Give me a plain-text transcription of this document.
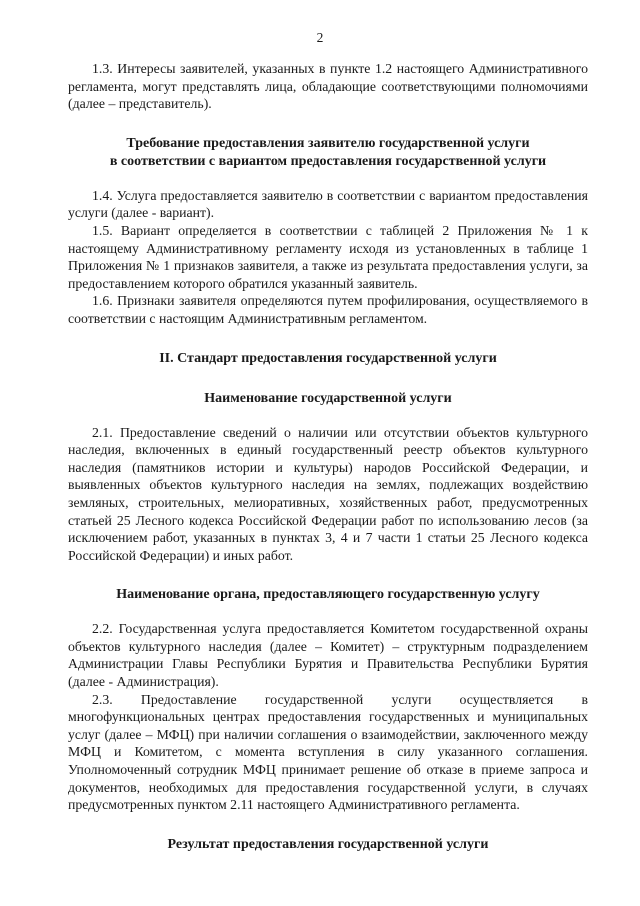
2

1.3. Интересы заявителей, указанных в пункте 1.2 настоящего Административного регламента, могут представлять лица, обладающие соответствующими полномочиями (далее – представитель).

Требование предоставления заявителю государственной услуги
в соответствии с вариантом предоставления государственной услуги

1.4. Услуга предоставляется заявителю в соответствии с вариантом предоставления услуги (далее - вариант).

1.5. Вариант определяется в соответствии с таблицей 2 Приложения № 1 к настоящему Административному регламенту исходя из установленных в таблице 1 Приложения № 1 признаков заявителя, а также из результата предоставления услуги, за предоставлением которого обратился указанный заявитель.

1.6. Признаки заявителя определяются путем профилирования, осуществляемого в соответствии с настоящим Административным регламентом.

II. Стандарт предоставления государственной услуги
Наименование государственной услуги

2.1. Предоставление сведений о наличии или отсутствии объектов культурного наследия, включенных в единый государственный реестр объектов культурного наследия (памятников истории и культуры) народов Российской Федерации, и выявленных объектов культурного наследия на землях, подлежащих воздействию земляных, строительных, мелиоративных, хозяйственных работ, предусмотренных статьей 25 Лесного кодекса Российской Федерации работ по использованию лесов (за исключением работ, указанных в пунктах 3, 4 и 7 части 1 статьи 25 Лесного кодекса Российской Федерации) и иных работ.

Наименование органа, предоставляющего государственную услугу

2.2. Государственная услуга предоставляется Комитетом государственной охраны объектов культурного наследия (далее – Комитет) – структурным подразделением Администрации Главы Республики Бурятия и Правительства Республики Бурятия (далее - Администрация).

2.3. Предоставление государственной услуги осуществляется в многофункциональных центрах предоставления государственных и муниципальных услуг (далее – МФЦ) при наличии соглашения о взаимодействии, заключенного между МФЦ и Комитетом, с момента вступления в силу указанного соглашения. Уполномоченный сотрудник МФЦ принимает решение об отказе в приеме запроса и документов, необходимых для предоставления государственной услуги, в случаях предусмотренных пунктом 2.11 настоящего Административного регламента.

Результат предоставления государственной услуги
